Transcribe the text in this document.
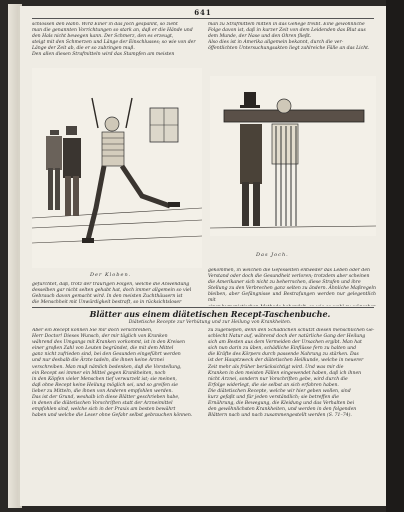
641
schlossen den Hahn. Wird Einer in das Joch gespannt, so zieht
man die genannten Vorrichtungen so stark an, daß er die Hände und
den Hals nicht bewegen kann. Der Schmerz, den es erzeugt,
steigt mit den Schmerzen und Länge der Einschlusses; so wie von der
Länge der Zeit ab, die er so zubringen muß.
Den allen diesen Strafmitteln wird das Stampfen am meisten
man zu Strafmitteln mitten in das Gehege treibt. Eine gewöhnliche
Folge davon ist, daß in kurzer Zeit von dem Leidenden das Blut aus
dem Munde, der Nase und den Ohren fließt.
Also dies ist in Amerika allgemein bekannt, durch die ver-
öffentlichten Untersuchungsakten liegt zahlreiche Fälle an das Licht.
Der Kloben.
Das Joch.
gefürchtet, daß, trotz der traurigen Folgen, welche die Anwendung
desselben gar nicht selten gehabt hat, doch immer allgemein so viel
Gebrauch davon gemacht wird. In den meisten Zuchthäusern ist
die Menschheit mit Unwürdigkeit bestraft, so in rücksichtsloser
gekommen, in welchen die Gefesselten entweder das Leben oder den
Verstand oder doch die Gesundheit verloren; trotzdem aber scheinen
die Amerikaner sich nicht zu beherrschen, diese Strafen und ihre
Stellung zu den Verbrechen ganz selten zu ändern. Ähnliche Maßregeln
bleiben, aber Gefängnisse und Bestrafungen werden nur gelegentlich mit
Blätter aus einem diätetischen Recept-Taschenbuche.
Diätetische Recepte zur Verhütung und zur Heilung von Krankheiten.
Aber ein Recept können Sie mir doch verschreiben,
Herr Doctor! Dieses Wunsch, der mir täglich von Kranken
während des Umgangs mit Kranken vorkommt, ist in den Kreisen
einer großen Zahl von Leuten begründet, die mit dem Mittel
ganz nicht zufrieden sind, bei den Gesunden eingeführt werden
und nur deshalb die Ärzte tadeln, die ihnen keine Arznei
verschreiben. Man muß nämlich bedenken, daß die Vorstellung,
ein Recept sei immer ein Mittel gegen Krankheiten, noch
in den Köpfen vieler Menschen tief verwurzelt ist; sie meinen,
daß ohne Recept keine Heilung möglich sei, und so greifen sie
lieber zu Mitteln, die ihnen von Anderen empfohlen werden.
Das ist der Grund, weshalb ich diese Blätter geschrieben habe,
in denen die diätetischen Vorschriften statt der Arzneimittel
empfohlen sind, welche sich in der Praxis am besten bewährt
haben und welche die Leser ohne Gefahr selbst gebrauchen können.
zu zugenießen, denn den Schädlichen schützt diesen menschlichen Ge-
schlecht Natur auf, während doch der natürliche Gang der Heilung
sich am Besten aus dem Vermeiden der Ursachen ergibt. Man hat
sich nun darin zu üben, schädliche Einflüsse fern zu halten und
die Kräfte des Körpers durch passende Nahrung zu stärken. Das
ist der Hauptzweck der diätetischen Heilkunde, welche in neuerer
Zeit mehr als früher berücksichtigt wird. Und was mir die
Kranken in den meisten Fällen eingewendet haben, daß ich ihnen
nicht Arznei, sondern nur Vorschriften gebe, wird durch die
Erfolge widerlegt, die sie selbst an sich erfahren haben.
Die diätetischen Recepte, welche wir hier geben wollen, sind
kurz gefaßt und für jeden verständlich; sie betreffen die
Ernährung, die Bewegung, die Kleidung und das Verhalten bei
den gewöhnlichsten Krankheiten, und werden in den folgenden
Blättern nach und nach zusammengestellt werden (S. 71–74).
